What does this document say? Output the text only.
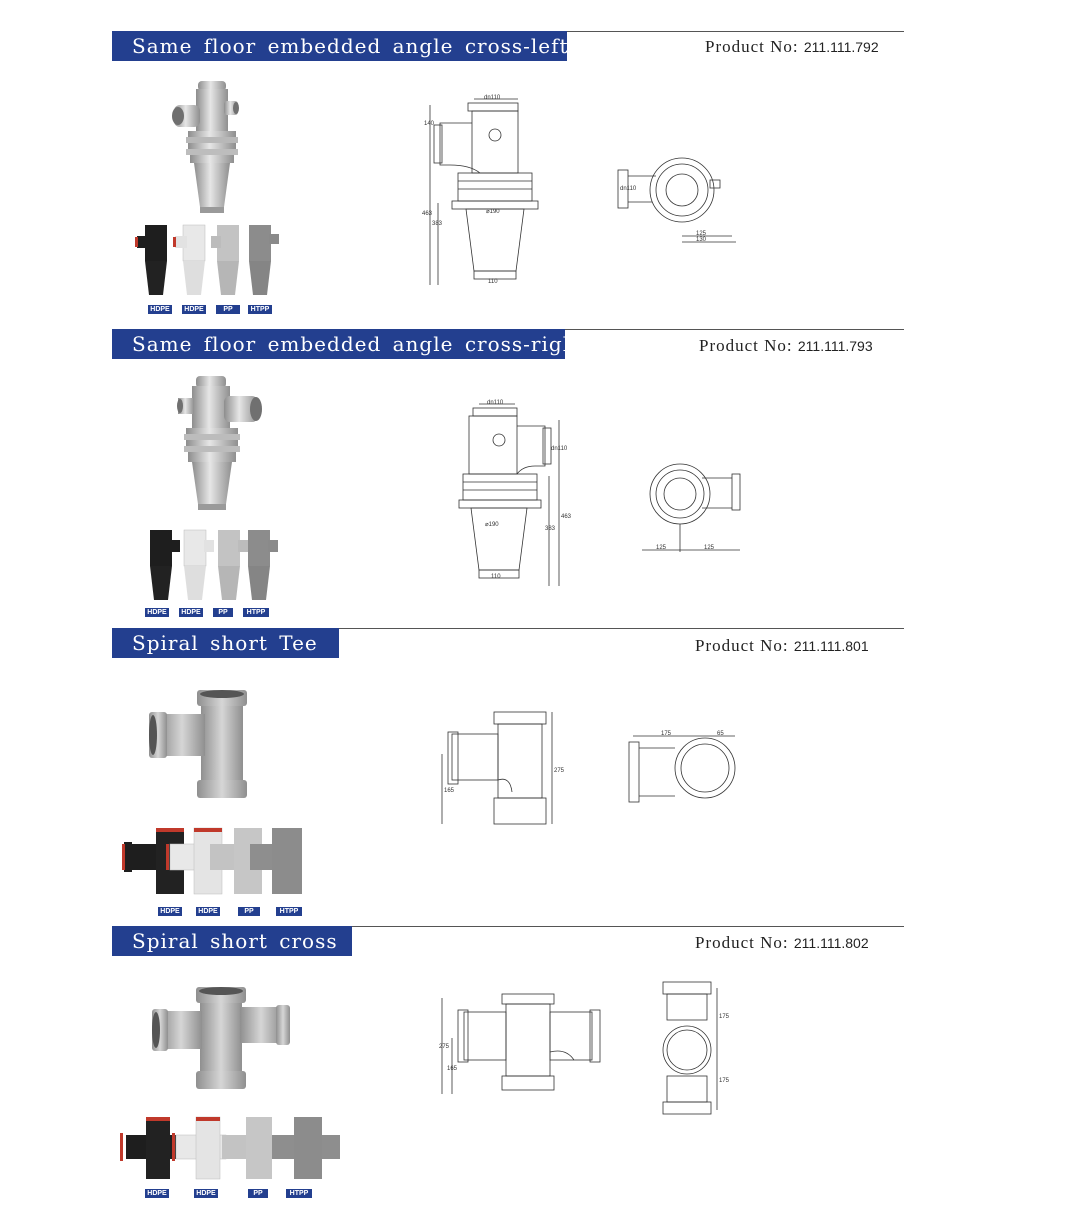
Same floor embedded angle cross-left	Product No: 211.111.792
HDPE	HDPE	PP	HTPP
dn110
140
463
383
⌀190
110
dn110
125
130
Same floor embedded angle cross-right	Product No: 211.111.793
HDPE	HDPE	PP	HTPP
dn110
dn110
463
383
⌀190
110
125	125
Spiral short Tee	Product No: 211.111.801
HDPE	HDPE	PP	HTPP
275
165
175	65
Spiral short cross	Product No: 211.111.802
HDPE	HDPE	PP	HTPP
275
165
175
175
